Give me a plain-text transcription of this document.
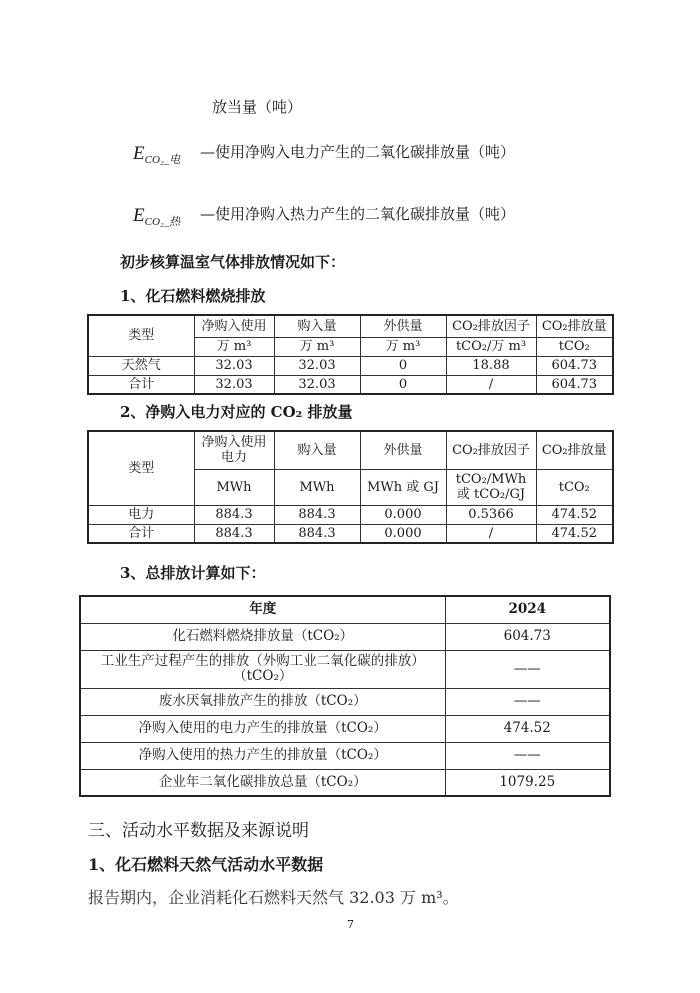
放当量（吨）
$E_{CO_2\_电}$ —使用净购入电力产生的二氧化碳排放量（吨）
$E_{CO_2\_热}$ —使用净购入热力产生的二氧化碳排放量（吨）
初步核算温室气体排放情况如下：
1、化石燃料燃烧排放
类型	净购入使用	购入量	外供量	CO₂排放因子	CO₂排放量
	万 m³	万 m³	万 m³	tCO₂/万 m³	tCO₂
天然气	32.03	32.03	0	18.88	604.73
合计	32.03	32.03	0	/	604.73
2、净购入电力对应的 CO₂ 排放量
类型	净购入使用电力	购入量	外供量	CO₂排放因子	CO₂排放量
	MWh	MWh	MWh 或 GJ	tCO₂/MWh 或 tCO₂/GJ	tCO₂
电力	884.3	884.3	0.000	0.5366	474.52
合计	884.3	884.3	0.000	/	474.52
3、总排放计算如下：
年度	2024
化石燃料燃烧排放量（tCO₂）	604.73
工业生产过程产生的排放（外购工业二氧化碳的排放）（tCO₂）	——
废水厌氧排放产生的排放（tCO₂）	——
净购入使用的电力产生的排放量（tCO₂）	474.52
净购入使用的热力产生的排放量（tCO₂）	——
企业年二氧化碳排放总量（tCO₂）	1079.25
三、活动水平数据及来源说明
1、化石燃料天然气活动水平数据
报告期内，企业消耗化石燃料天然气 32.03 万 m³。
7
